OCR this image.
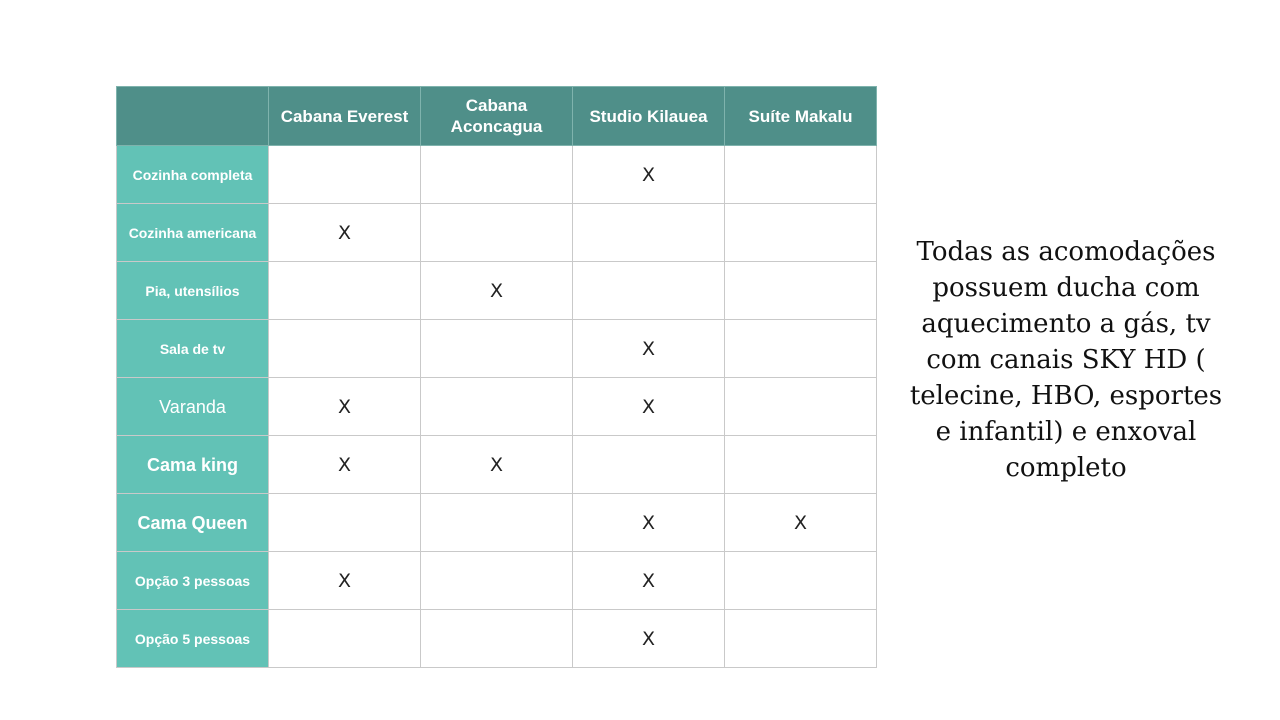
	Cabana Everest	Cabana Aconcagua	Studio Kilauea	Suíte Makalu
Cozinha completa			X	
Cozinha americana	X			
Pia, utensílios		X		
Sala de tv			X	
Varanda	X		X	
Cama king	X	X		
Cama Queen			X	X
Opção 3 pessoas	X		X	
Opção 5 pessoas			X	
Todas as acomodações possuem ducha com aquecimento a gás, tv com canais SKY HD ( telecine, HBO, esportes e infantil) e enxoval completo
